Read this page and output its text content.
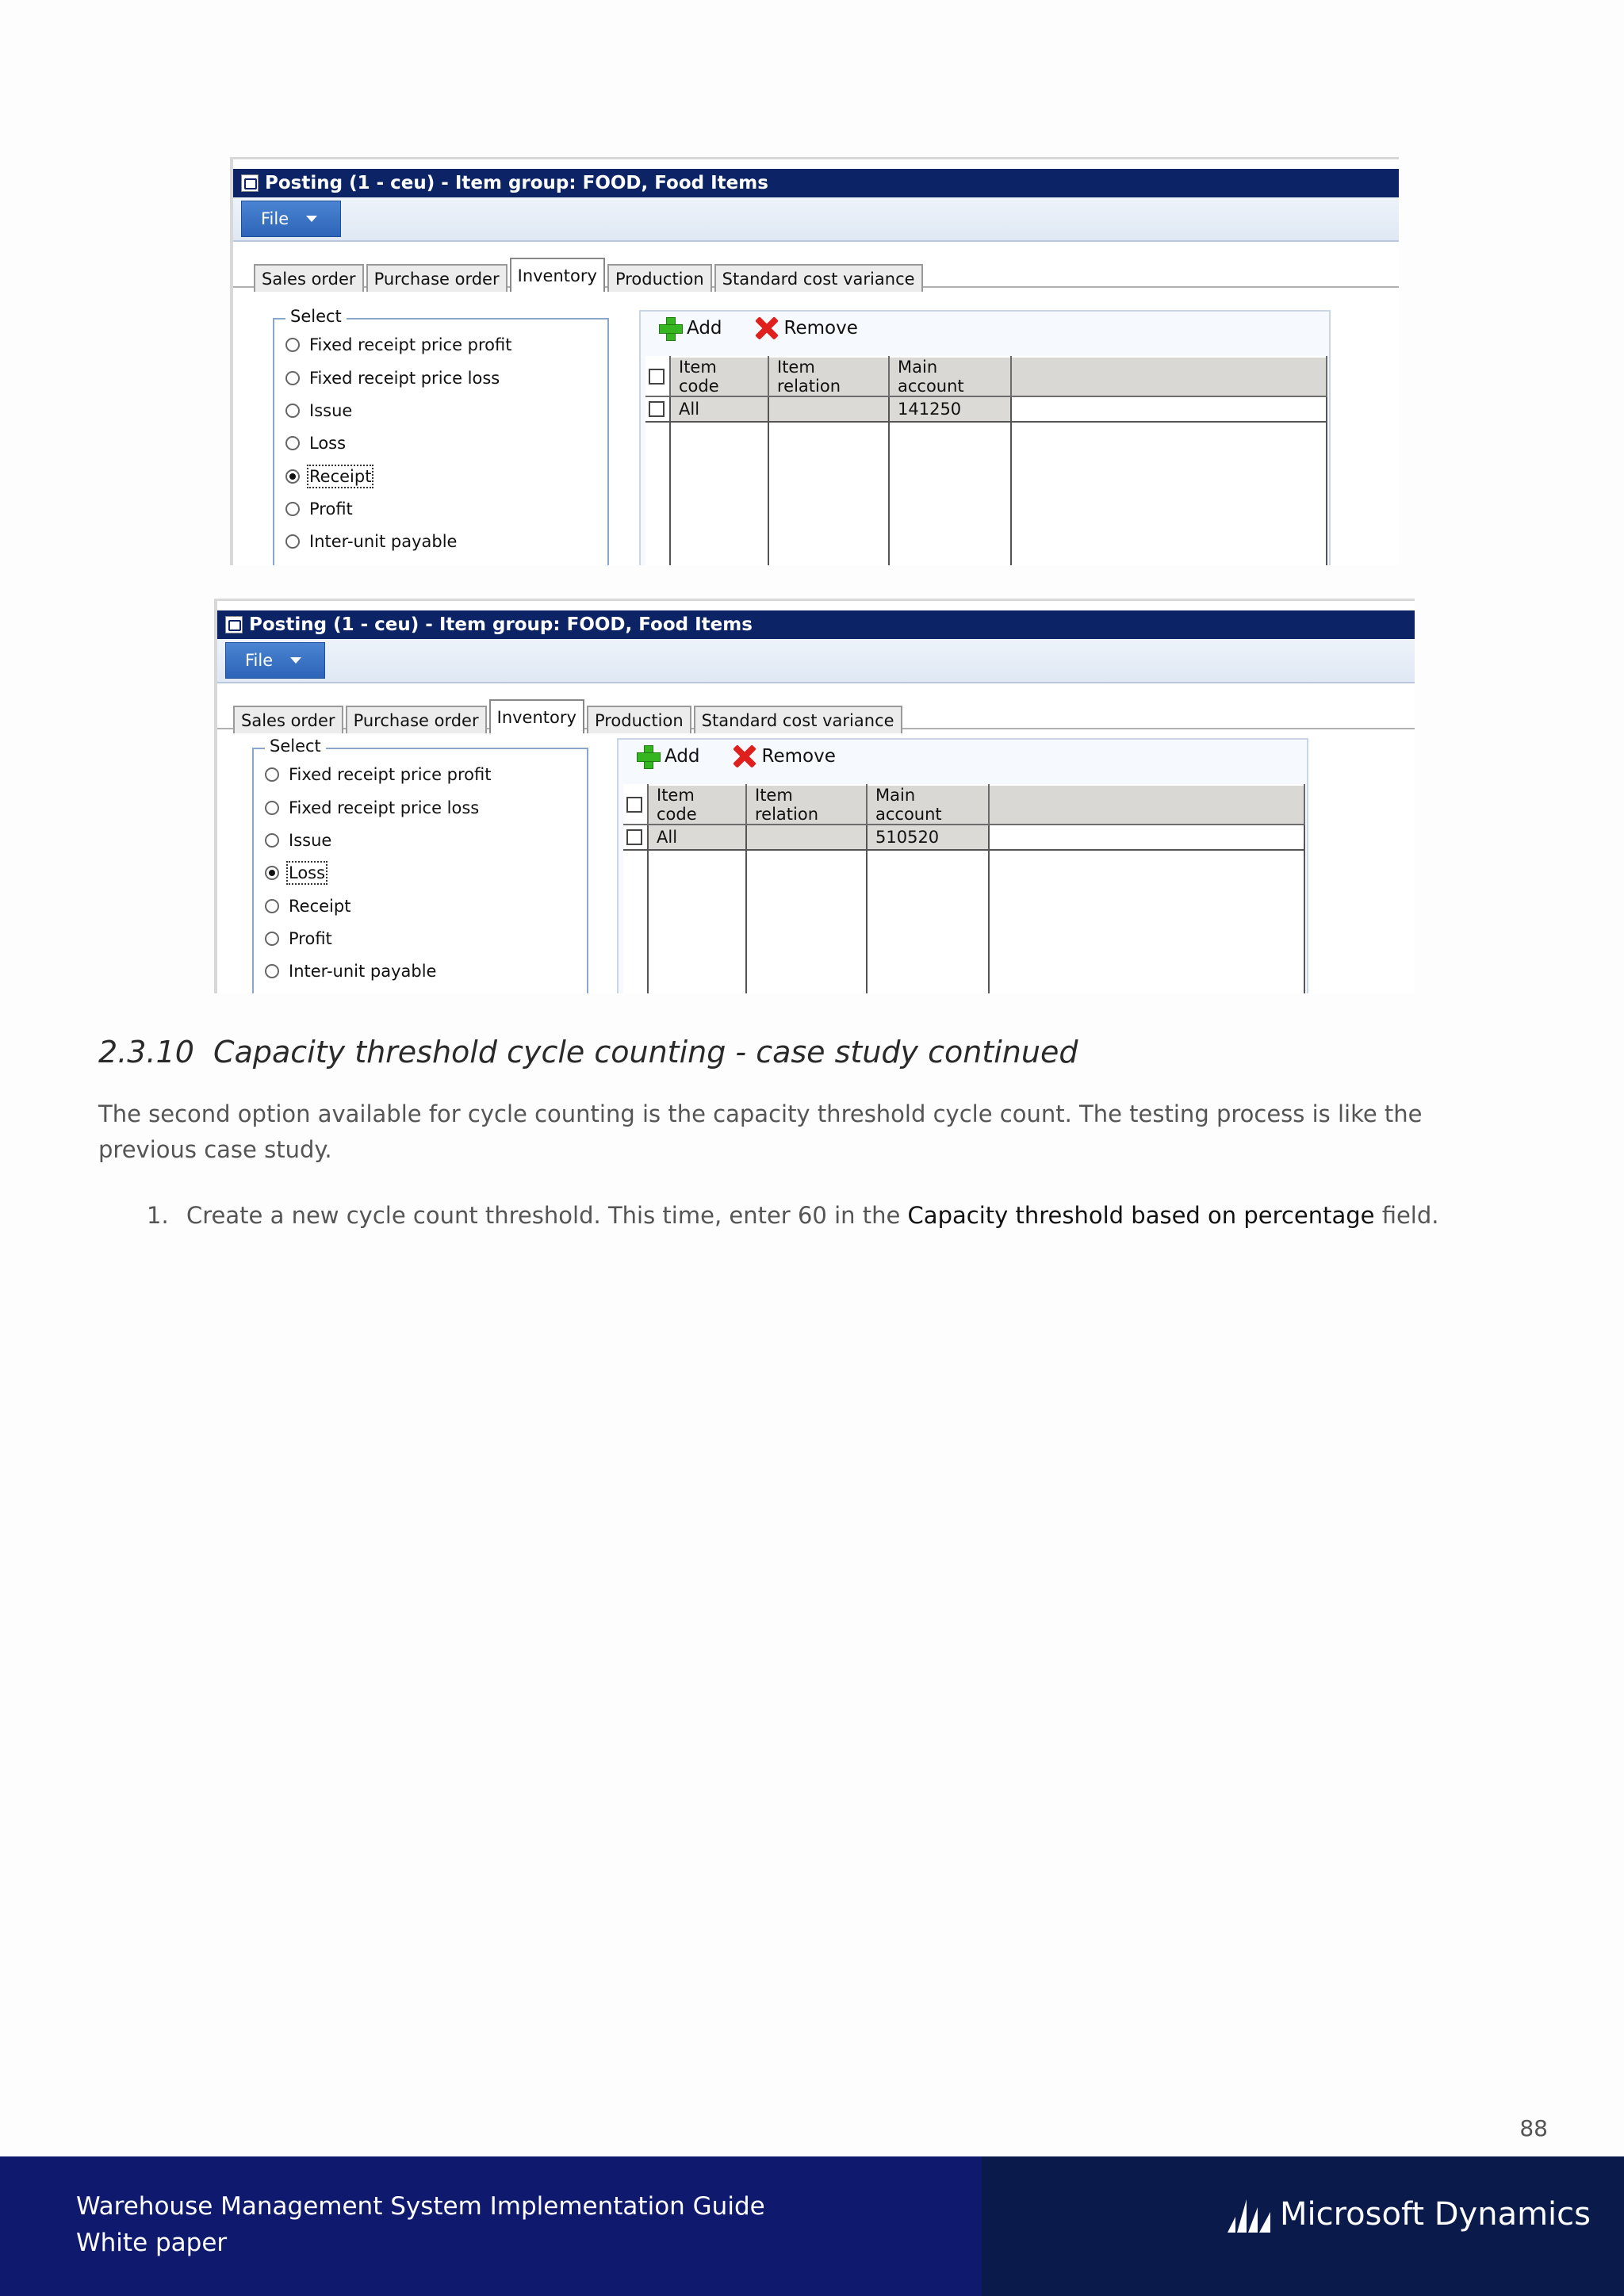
Posting (1 - ceu) - Item group: FOOD, Food Items
File
Sales order	Purchase order	Inventory	Production	Standard cost variance
Select
Fixed receipt price profit
Fixed receipt price loss
Issue
Loss
Receipt
Profit
Inter-unit payable
Add	Remove
	Item code	Item relation	Main account	

	All		141250	

Posting (1 - ceu) - Item group: FOOD, Food Items
File
Sales order	Purchase order	Inventory	Production	Standard cost variance
Select
Fixed receipt price profit
Fixed receipt price loss
Issue
Loss
Receipt
Profit
Inter-unit payable
Add	Remove
	Item code	Item relation	Main account	

	All		510520	

2.3.10 Capacity threshold cycle counting - case study continued
The second option available for cycle counting is the capacity threshold cycle count. The testing process is like the previous case study.
1. Create a new cycle count threshold. This time, enter 60 in the Capacity threshold based on percentage field.
88
Warehouse Management System Implementation Guide
White paper
Microsoft Dynamics
